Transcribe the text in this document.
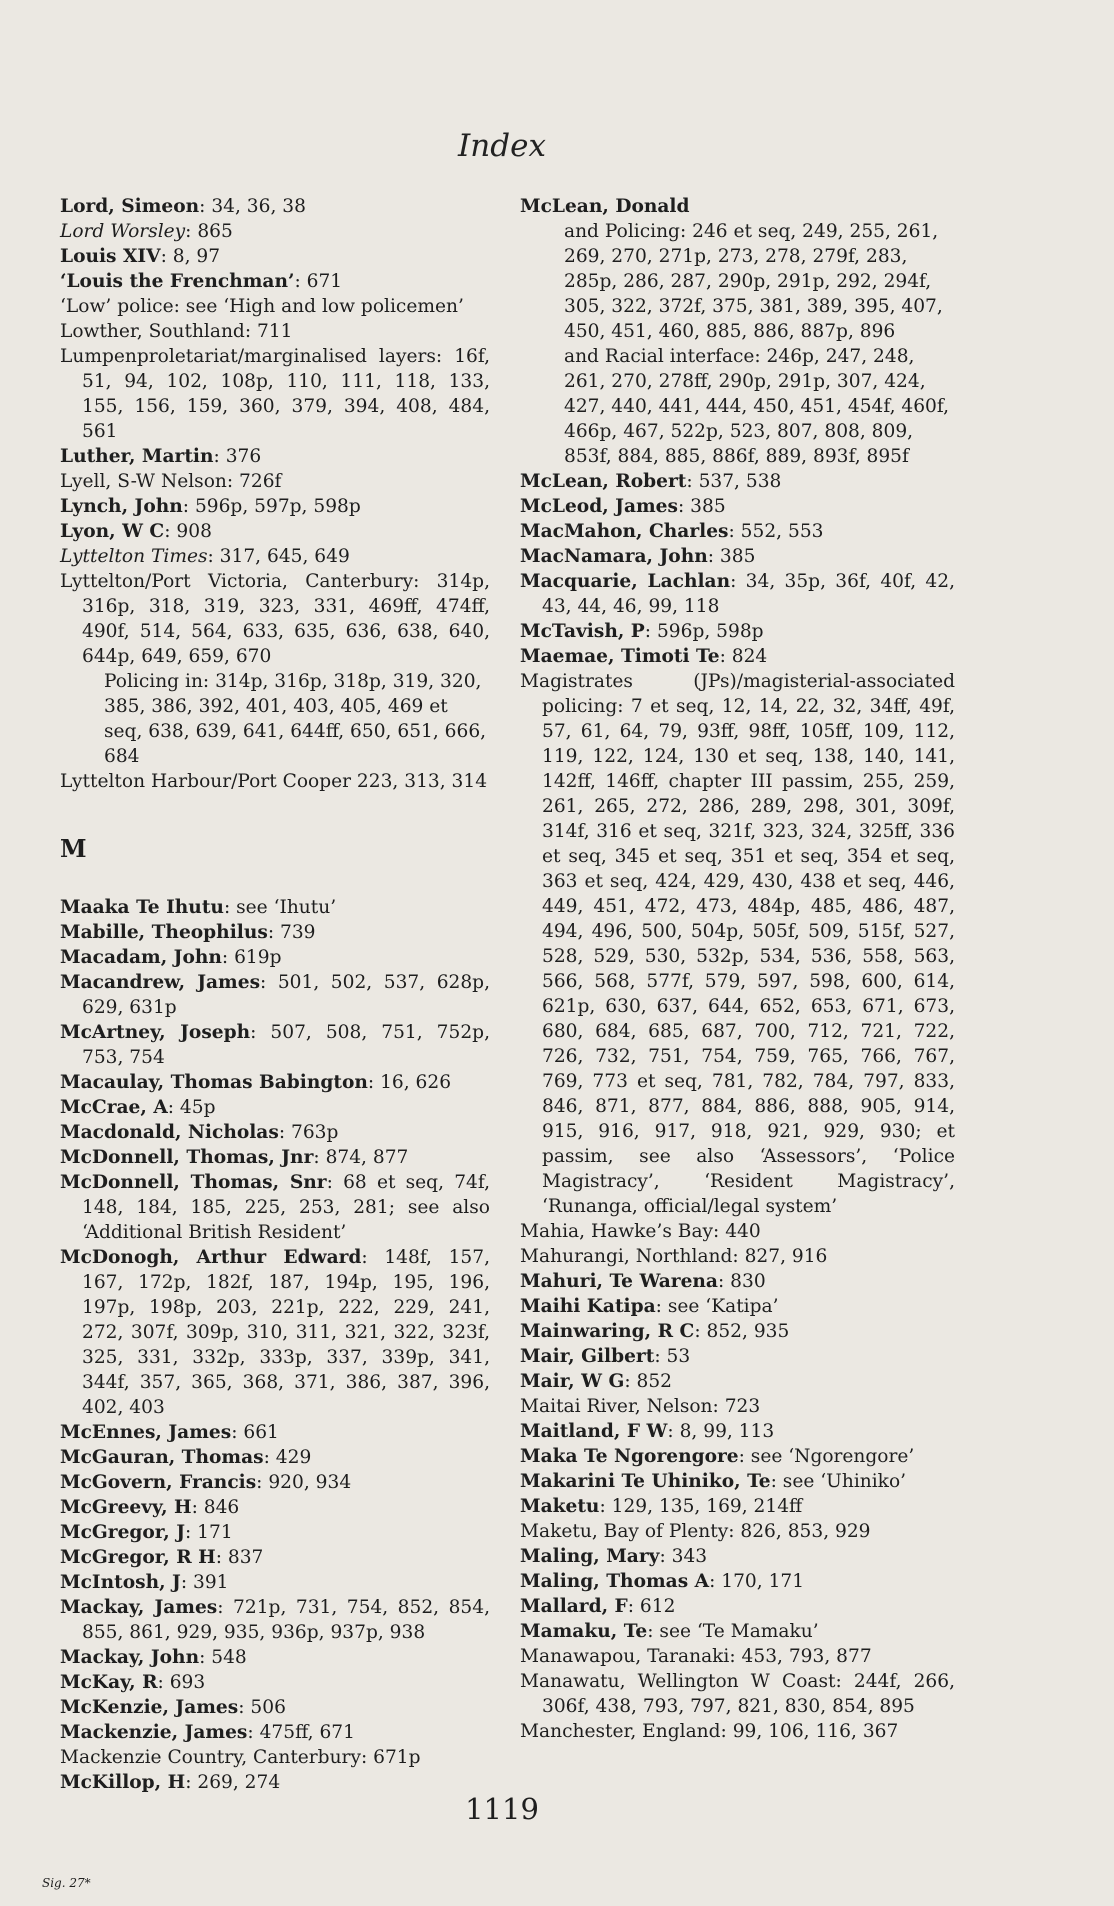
Index
Lord, Simeon: 34, 36, 38
Lord Worsley: 865
Louis XIV: 8, 97
‘Louis the Frenchman’: 671
‘Low’ police: see ‘High and low policemen’
Lowther, Southland: 711
Lumpenproletariat/marginalised layers: 16f, 51, 94, 102, 108p, 110, 111, 118, 133, 155, 156, 159, 360, 379, 394, 408, 484, 561
Luther, Martin: 376
Lyell, S-W Nelson: 726f
Lynch, John: 596p, 597p, 598p
Lyon, W C: 908
Lyttelton Times: 317, 645, 649
Lyttelton/Port Victoria, Canterbury: 314p, 316p, 318, 319, 323, 331, 469ff, 474ff, 490f, 514, 564, 633, 635, 636, 638, 640, 644p, 649, 659, 670
Policing in: 314p, 316p, 318p, 319, 320, 385, 386, 392, 401, 403, 405, 469 et seq, 638, 639, 641, 644ff, 650, 651, 666, 684
Lyttelton Harbour/Port Cooper 223, 313, 314
M
Maaka Te Ihutu: see ‘Ihutu’
Mabille, Theophilus: 739
Macadam, John: 619p
Macandrew, James: 501, 502, 537, 628p, 629, 631p
McArtney, Joseph: 507, 508, 751, 752p, 753, 754
Macaulay, Thomas Babington: 16, 626
McCrae, A: 45p
Macdonald, Nicholas: 763p
McDonnell, Thomas, Jnr: 874, 877
McDonnell, Thomas, Snr: 68 et seq, 74f, 148, 184, 185, 225, 253, 281; see also ‘Additional British Resident’
McDonogh, Arthur Edward: 148f, 157, 167, 172p, 182f, 187, 194p, 195, 196, 197p, 198p, 203, 221p, 222, 229, 241, 272, 307f, 309p, 310, 311, 321, 322, 323f, 325, 331, 332p, 333p, 337, 339p, 341, 344f, 357, 365, 368, 371, 386, 387, 396, 402, 403
McEnnes, James: 661
McGauran, Thomas: 429
McGovern, Francis: 920, 934
McGreevy, H: 846
McGregor, J: 171
McGregor, R H: 837
McIntosh, J: 391
Mackay, James: 721p, 731, 754, 852, 854, 855, 861, 929, 935, 936p, 937p, 938
Mackay, John: 548
McKay, R: 693
McKenzie, James: 506
Mackenzie, James: 475ff, 671
Mackenzie Country, Canterbury: 671p
McKillop, H: 269, 274
McLean, Donald
and Policing: 246 et seq, 249, 255, 261, 269, 270, 271p, 273, 278, 279f, 283, 285p, 286, 287, 290p, 291p, 292, 294f, 305, 322, 372f, 375, 381, 389, 395, 407, 450, 451, 460, 885, 886, 887p, 896
and Racial interface: 246p, 247, 248, 261, 270, 278ff, 290p, 291p, 307, 424, 427, 440, 441, 444, 450, 451, 454f, 460f, 466p, 467, 522p, 523, 807, 808, 809, 853f, 884, 885, 886f, 889, 893f, 895f
McLean, Robert: 537, 538
McLeod, James: 385
MacMahon, Charles: 552, 553
MacNamara, John: 385
Macquarie, Lachlan: 34, 35p, 36f, 40f, 42, 43, 44, 46, 99, 118
McTavish, P: 596p, 598p
Maemae, Timoti Te: 824
Magistrates (JPs)/magisterial-associated policing: 7 et seq, 12, 14, 22, 32, 34ff, 49f, 57, 61, 64, 79, 93ff, 98ff, 105ff, 109, 112, 119, 122, 124, 130 et seq, 138, 140, 141, 142ff, 146ff, chapter III passim, 255, 259, 261, 265, 272, 286, 289, 298, 301, 309f, 314f, 316 et seq, 321f, 323, 324, 325ff, 336 et seq, 345 et seq, 351 et seq, 354 et seq, 363 et seq, 424, 429, 430, 438 et seq, 446, 449, 451, 472, 473, 484p, 485, 486, 487, 494, 496, 500, 504p, 505f, 509, 515f, 527, 528, 529, 530, 532p, 534, 536, 558, 563, 566, 568, 577f, 579, 597, 598, 600, 614, 621p, 630, 637, 644, 652, 653, 671, 673, 680, 684, 685, 687, 700, 712, 721, 722, 726, 732, 751, 754, 759, 765, 766, 767, 769, 773 et seq, 781, 782, 784, 797, 833, 846, 871, 877, 884, 886, 888, 905, 914, 915, 916, 917, 918, 921, 929, 930; et passim, see also ‘Assessors’, ‘Police Magistracy’, ‘Resident Magistracy’, ‘Runanga, official/legal system’
Mahia, Hawke’s Bay: 440
Mahurangi, Northland: 827, 916
Mahuri, Te Warena: 830
Maihi Katipa: see ‘Katipa’
Mainwaring, R C: 852, 935
Mair, Gilbert: 53
Mair, W G: 852
Maitai River, Nelson: 723
Maitland, F W: 8, 99, 113
Maka Te Ngorengore: see ‘Ngorengore’
Makarini Te Uhiniko, Te: see ‘Uhiniko’
Maketu: 129, 135, 169, 214ff
Maketu, Bay of Plenty: 826, 853, 929
Maling, Mary: 343
Maling, Thomas A: 170, 171
Mallard, F: 612
Mamaku, Te: see ‘Te Mamaku’
Manawapou, Taranaki: 453, 793, 877
Manawatu, Wellington W Coast: 244f, 266, 306f, 438, 793, 797, 821, 830, 854, 895
Manchester, England: 99, 106, 116, 367
1119
Sig. 27*
